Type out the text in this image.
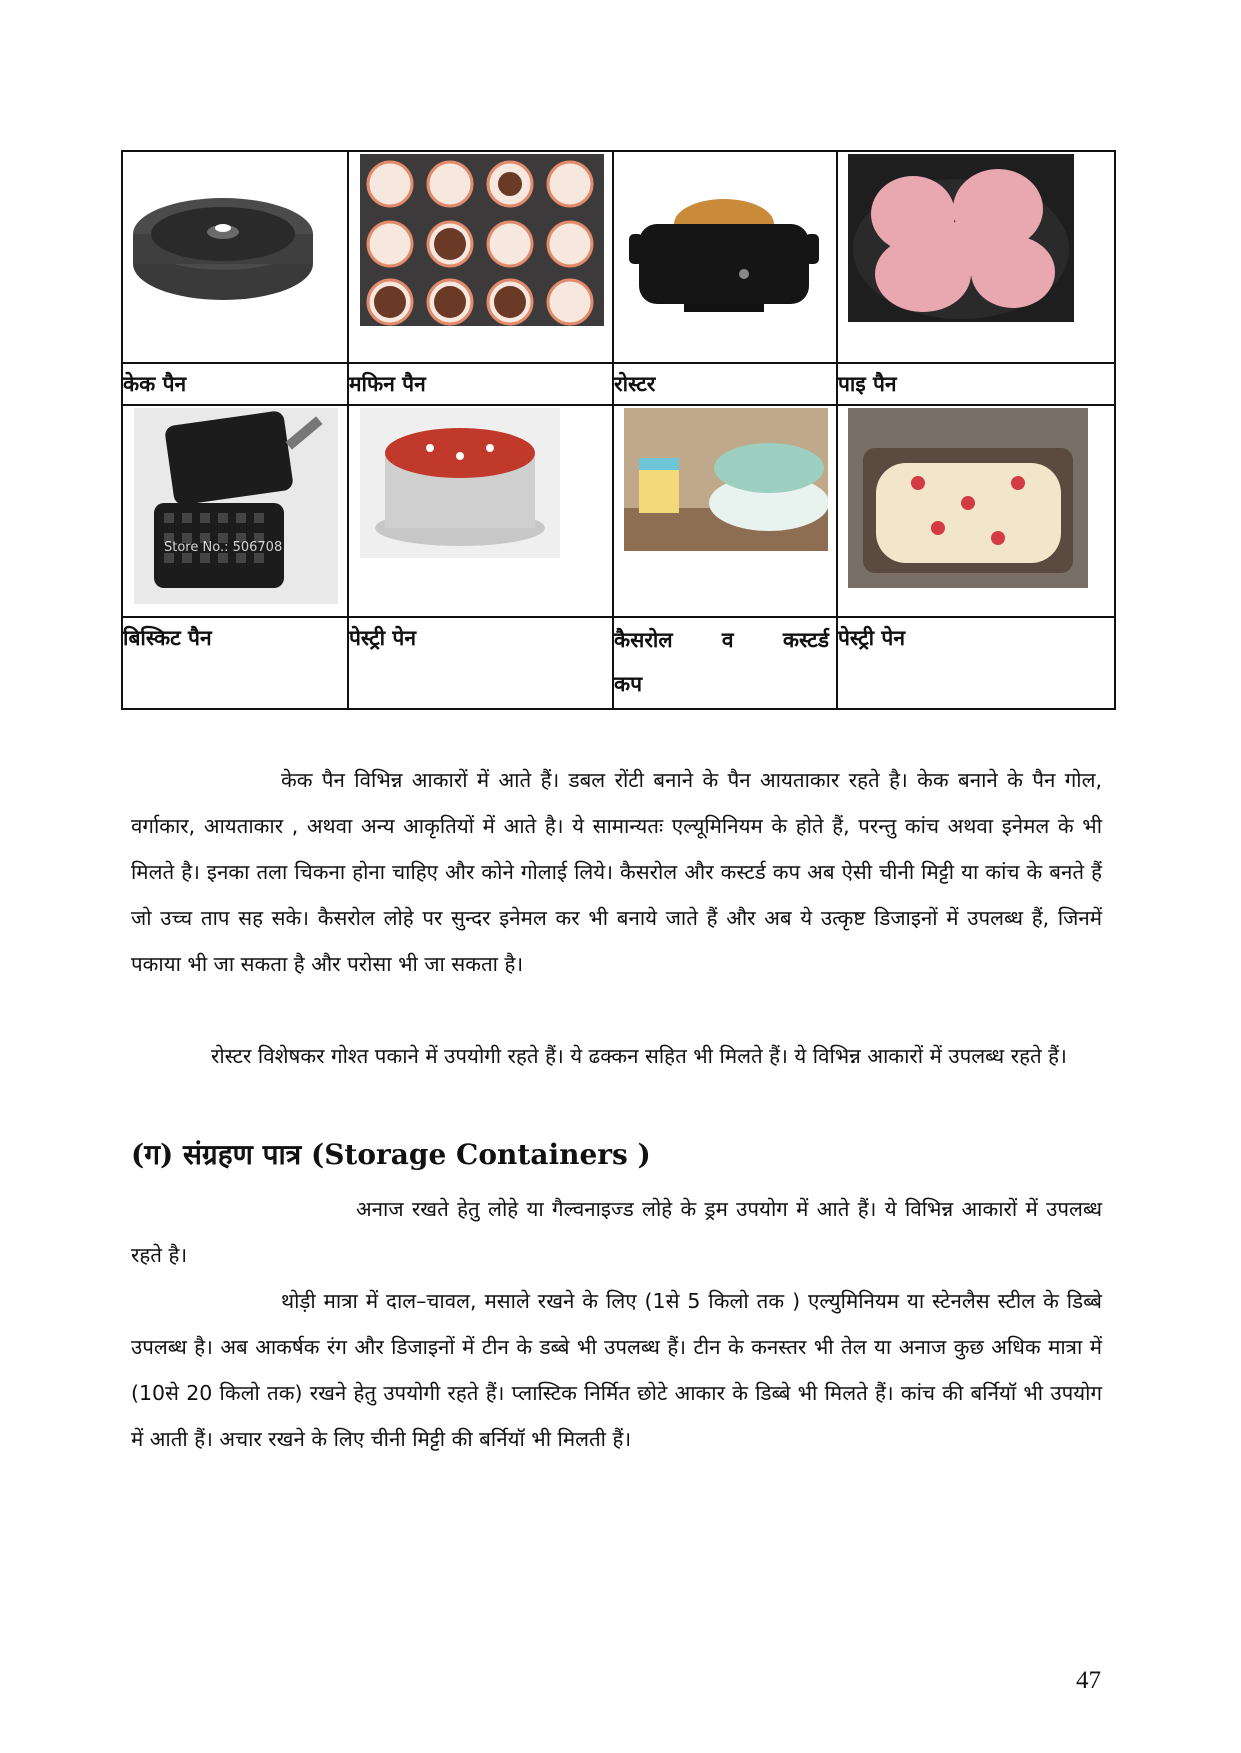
केक पैन	मफिन पैन	रोस्टर	पाइ पैन

Store No.: 506708

बिस्किट पैन	पेस्ट्री पेन	कैसरोल व कस्टर्ड कप	पेस्ट्री पेन

केक पैन विभिन्न आकारों में आते हैं। डबल रोंटी बनाने के पैन आयताकार रहते है। केक बनाने के पैन गोल, वर्गाकार, आयताकार , अथवा अन्य आकृतियों में आते है। ये सामान्यतः एल्यूमिनियम के होते हैं, परन्तु कांच अथवा इनेमल के भी मिलते है। इनका तला चिकना होना चाहिए और कोने गोलाई लिये। कैसरोल और कस्टर्ड कप अब ऐसी चीनी मिट्टी या कांच के बनते हैं जो उच्च ताप सह सके। कैसरोल लोहे पर सुन्दर इनेमल कर भी बनाये जाते हैं और अब ये उत्कृष्ट डिजाइनों में उपलब्ध हैं, जिनमें पकाया भी जा सकता है और परोसा भी जा सकता है।

रोस्टर विशेषकर गोश्त पकाने में उपयोगी रहते हैं। ये ढक्कन सहित भी मिलते हैं। ये विभिन्न आकारों में उपलब्ध रहते हैं।

(ग) संग्रहण पात्र (Storage Containers )

अनाज रखते हेतु लोहे या गैल्वनाइज्ड लोहे के ड्रम उपयोग में आते हैं। ये विभिन्न आकारों में उपलब्ध रहते है।

थोड़ी मात्रा में दाल–चावल, मसाले रखने के लिए (1से 5 किलो तक ) एल्युमिनियम या स्टेनलैस स्टील के डिब्बे उपलब्ध है। अब आकर्षक रंग और डिजाइनों में टीन के डब्बे भी उपलब्ध हैं। टीन के कनस्तर भी तेल या अनाज कुछ अधिक मात्रा में (10से 20 किलो तक) रखने हेतु उपयोगी रहते हैं। प्लास्टिक निर्मित छोटे आकार के डिब्बे भी मिलते हैं। कांच की बर्नियॉ भी उपयोग में आती हैं। अचार रखने के लिए चीनी मिट्टी की बर्नियॉ भी मिलती हैं।

47
